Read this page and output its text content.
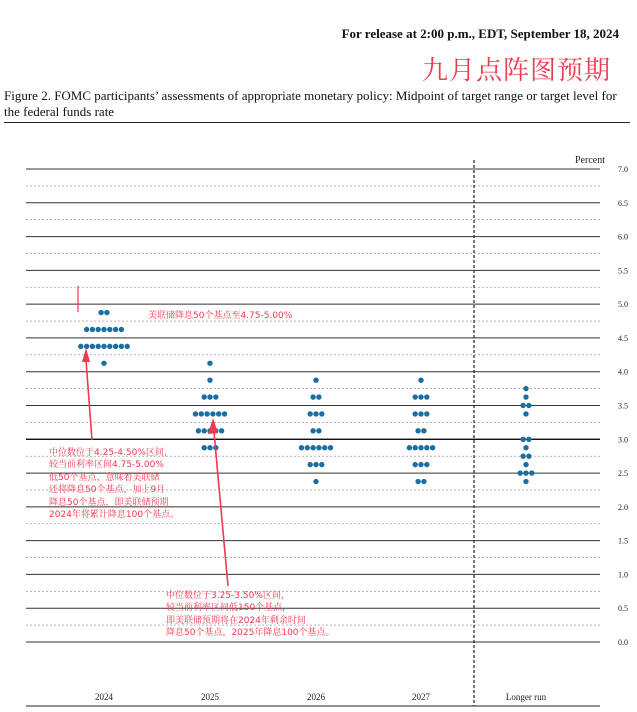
For release at 2:00 p.m., EDT, September 18, 2024
九月点阵图预期
Figure 2. FOMC participants’ assessments of appropriate monetary policy: Midpoint of target range or target level for the federal funds rate
0.0
0.5
1.0
1.5
2.0
2.5
3.0
3.5
4.0
4.5
5.0
5.5
6.0
6.5
7.0
2024	2025	2026	2027	Longer run
Percent
美联储降息50个基点至4.75-5.00%
中位数位于4.25-4.50%区间，
较当前利率区间4.75-5.00%
低50个基点，意味着美联储
还将降息50个基点，加上9月
降息50个基点，即美联储预期
2024年将累计降息100个基点。
中位数位于3.25-3.50%区间，
较当前利率区间低150个基点，
即美联储预期将在2024年剩余时间
降息50个基点，2025年降息100个基点。
